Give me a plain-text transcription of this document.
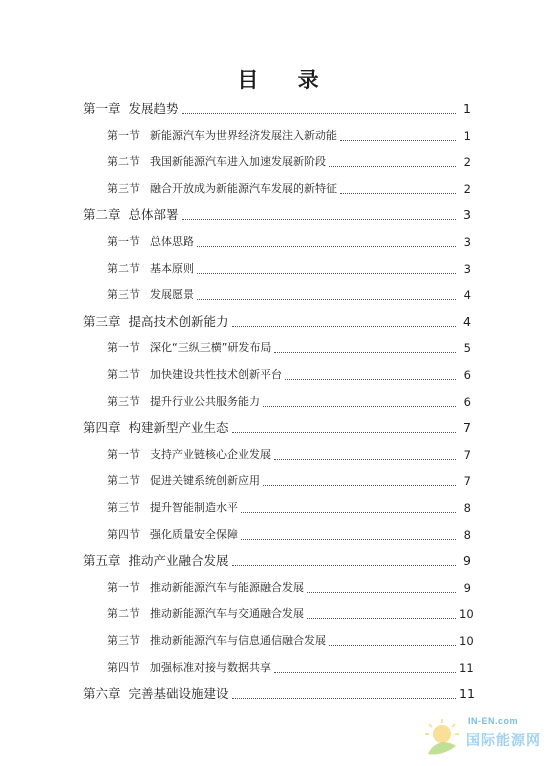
目 录
第一章 发展趋势	1
第一节 新能源汽车为世界经济发展注入新动能	1
第二节 我国新能源汽车进入加速发展新阶段	2
第三节 融合开放成为新能源汽车发展的新特征	2
第二章 总体部署	3
第一节 总体思路	3
第二节 基本原则	3
第三节 发展愿景	4
第三章 提高技术创新能力	4
第一节 深化“三纵三横”研发布局	5
第二节 加快建设共性技术创新平台	6
第三节 提升行业公共服务能力	6
第四章 构建新型产业生态	7
第一节 支持产业链核心企业发展	7
第二节 促进关键系统创新应用	7
第三节 提升智能制造水平	8
第四节 强化质量安全保障	8
第五章 推动产业融合发展	9
第一节 推动新能源汽车与能源融合发展	9
第二节 推动新能源汽车与交通融合发展	10
第三节 推动新能源汽车与信息通信融合发展	10
第四节 加强标准对接与数据共享	11
第六章 完善基础设施建设	11
IN-EN.com
国际能源网
